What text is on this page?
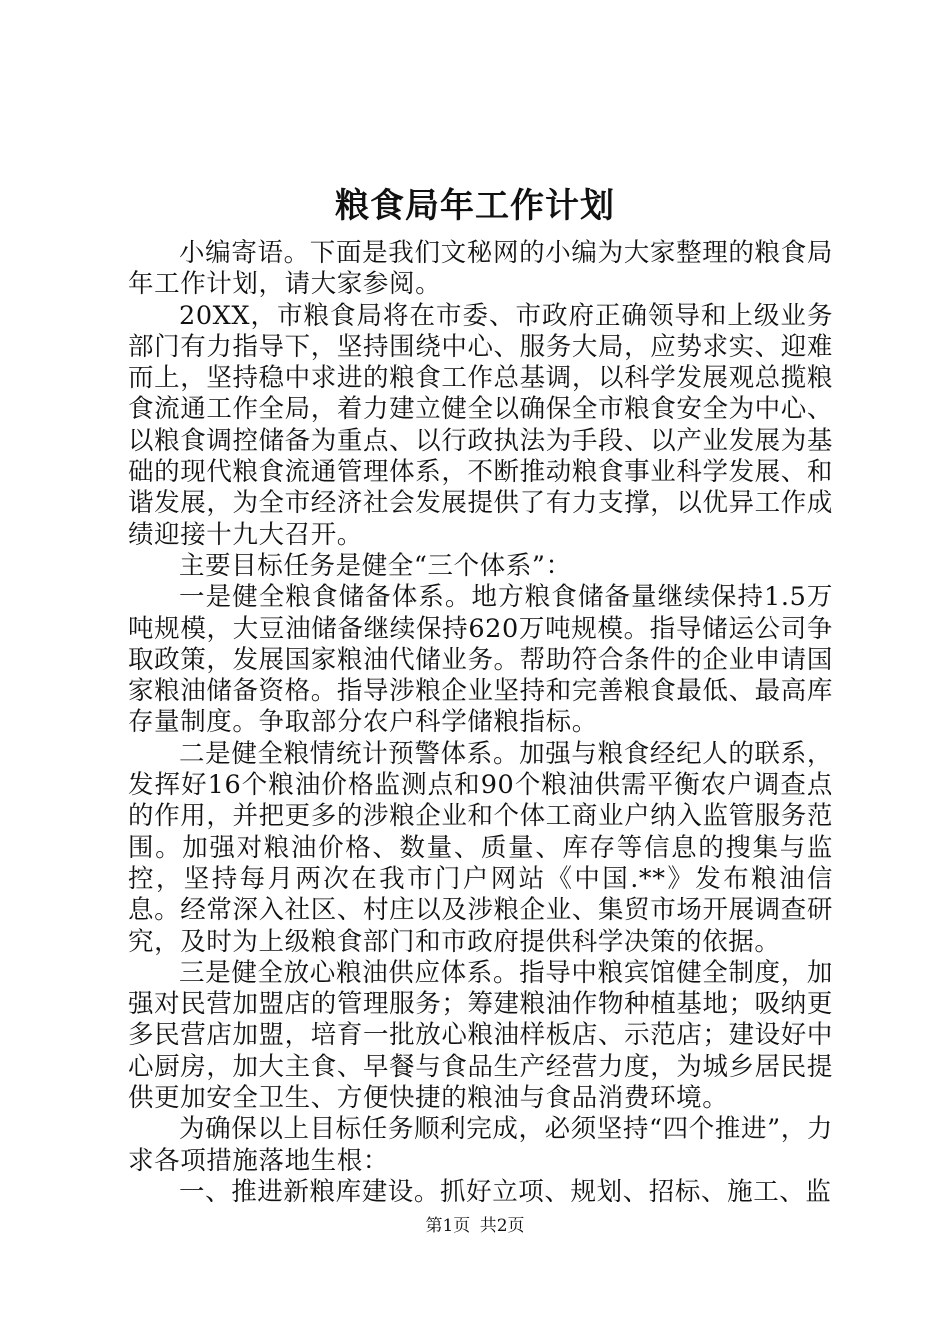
粮食局年工作计划

小编寄语。下面是我们文秘网的小编为大家整理的粮食局年工作计划，请大家参阅。

20XX，市粮食局将在市委、市政府正确领导和上级业务部门有力指导下，坚持围绕中心、服务大局，应势求实、迎难而上，坚持稳中求进的粮食工作总基调，以科学发展观总揽粮食流通工作全局，着力建立健全以确保全市粮食安全为中心、以粮食调控储备为重点、以行政执法为手段、以产业发展为基础的现代粮食流通管理体系，不断推动粮食事业科学发展、和谐发展，为全市经济社会发展提供了有力支撑，以优异工作成绩迎接十九大召开。

主要目标任务是健全“三个体系”：

一是健全粮食储备体系。地方粮食储备量继续保持1.5万吨规模，大豆油储备继续保持620万吨规模。指导储运公司争取政策，发展国家粮油代储业务。帮助符合条件的企业申请国家粮油储备资格。指导涉粮企业坚持和完善粮食最低、最高库存量制度。争取部分农户科学储粮指标。

二是健全粮情统计预警体系。加强与粮食经纪人的联系，发挥好16个粮油价格监测点和90个粮油供需平衡农户调查点的作用，并把更多的涉粮企业和个体工商业户纳入监管服务范围。加强对粮油价格、数量、质量、库存等信息的搜集与监控，坚持每月两次在我市门户网站《中国.**》发布粮油信息。经常深入社区、村庄以及涉粮企业、集贸市场开展调查研究，及时为上级粮食部门和市政府提供科学决策的依据。

三是健全放心粮油供应体系。指导中粮宾馆健全制度，加强对民营加盟店的管理服务；筹建粮油作物种植基地；吸纳更多民营店加盟，培育一批放心粮油样板店、示范店；建设好中心厨房，加大主食、早餐与食品生产经营力度，为城乡居民提供更加安全卫生、方便快捷的粮油与食品消费环境。

为确保以上目标任务顺利完成，必须坚持“四个推进”，力求各项措施落地生根：

一、推进新粮库建设。抓好立项、规划、招标、施工、监

第1页 共2页
